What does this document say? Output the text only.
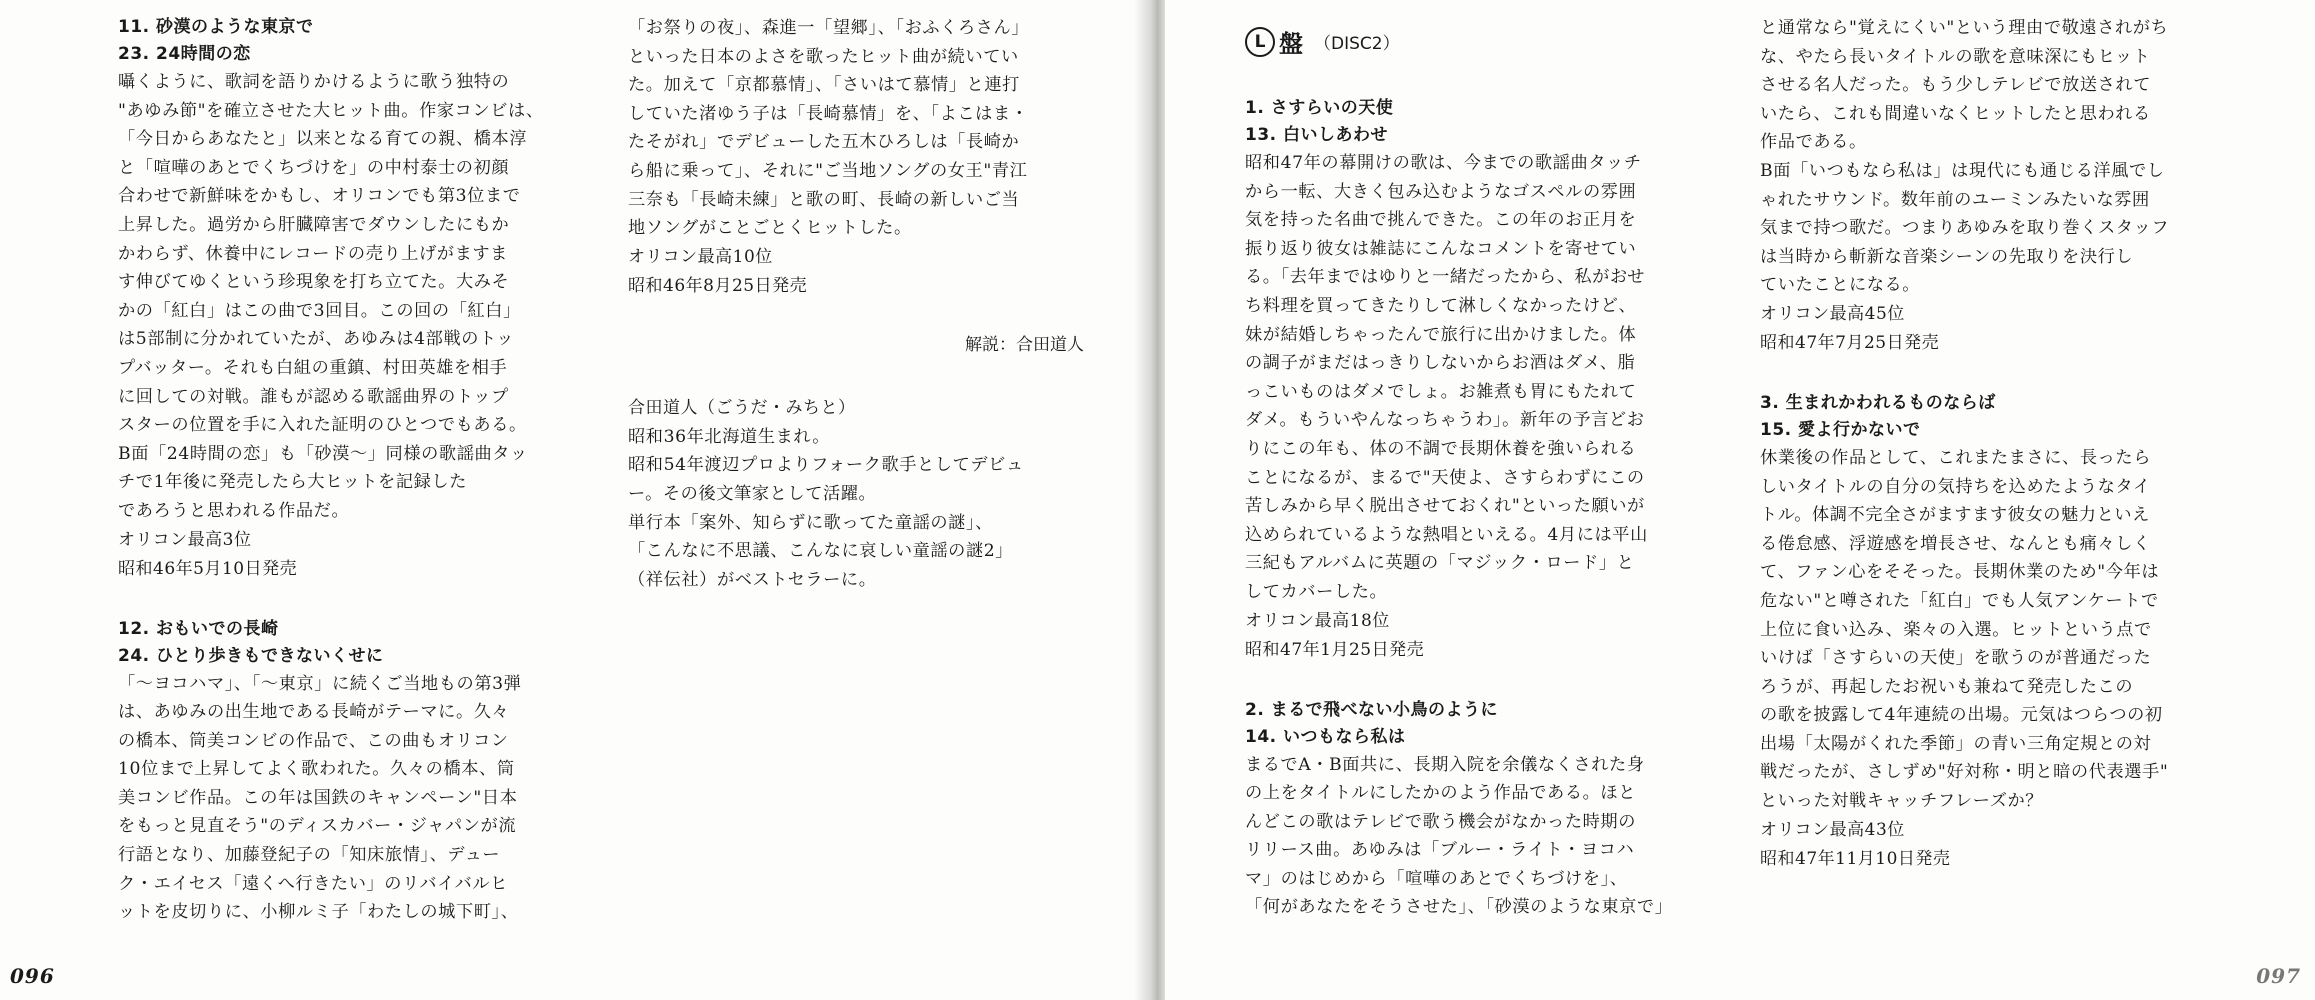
11. 砂漠のような東京で
23. 24時間の恋

囁くように、歌詞を語りかけるように歌う独特の
"あゆみ節"を確立させた大ヒット曲。作家コンビは、
「今日からあなたと」以来となる育ての親、橋本淳
と「喧嘩のあとでくちづけを」の中村泰士の初顔
合わせで新鮮味をかもし、オリコンでも第3位まで
上昇した。過労から肝臓障害でダウンしたにもか
かわらず、休養中にレコードの売り上げがますま
す伸びてゆくという珍現象を打ち立てた。大みそ
かの「紅白」はこの曲で3回目。この回の「紅白」
は5部制に分かれていたが、あゆみは4部戦のトッ
プバッター。それも白組の重鎮、村田英雄を相手
に回しての対戦。誰もが認める歌謡曲界のトップ
スターの位置を手に入れた証明のひとつでもある。
B面「24時間の恋」も「砂漠～」同様の歌謡曲タッ
チで1年後に発売したら大ヒットを記録した
であろうと思われる作品だ。

オリコン最高3位
昭和46年5月10日発売
12. おもいでの長崎
24. ひとり歩きもできないくせに

「～ヨコハマ」、「～東京」に続くご当地もの第3弾
は、あゆみの出生地である長崎がテーマに。久々
の橋本、筒美コンビの作品で、この曲もオリコン
10位まで上昇してよく歌われた。久々の橋本、筒
美コンビ作品。この年は国鉄のキャンペーン"日本
をもっと見直そう"のディスカバー・ジャパンが流
行語となり、加藤登紀子の「知床旅情」、デュー
ク・エイセス「遠くへ行きたい」のリバイバルヒ
ットを皮切りに、小柳ルミ子「わたしの城下町」、

「お祭りの夜」、森進一「望郷」、「おふくろさん」
といった日本のよさを歌ったヒット曲が続いてい
た。加えて「京都慕情」、「さいはて慕情」と連打
していた渚ゆう子は「長崎慕情」を、「よこはま・
たそがれ」でデビューした五木ひろしは「長崎か
ら船に乗って」、それに"ご当地ソングの女王"青江
三奈も「長崎未練」と歌の町、長崎の新しいご当
地ソングがことごとくヒットした。

オリコン最高10位
昭和46年8月25日発売
解説：合田道人
合田道人（ごうだ・みちと）

昭和36年北海道生まれ。
昭和54年渡辺プロよりフォーク歌手としてデビュ
ー。その後文筆家として活躍。
単行本「案外、知らずに歌ってた童謡の謎」、
「こんなに不思議、こんなに哀しい童謡の謎2」
（祥伝社）がベストセラーに。

096
L 盤 （DISC2）
1. さすらいの天使
13. 白いしあわせ

昭和47年の幕開けの歌は、今までの歌謡曲タッチ
から一転、大きく包み込むようなゴスペルの雰囲
気を持った名曲で挑んできた。この年のお正月を
振り返り彼女は雑誌にこんなコメントを寄せてい
る。「去年まではゆりと一緒だったから、私がおせ
ち料理を買ってきたりして淋しくなかったけど、
妹が結婚しちゃったんで旅行に出かけました。体
の調子がまだはっきりしないからお酒はダメ、脂
っこいものはダメでしょ。お雑煮も胃にもたれて
ダメ。もういやんなっちゃうわ」。新年の予言どお
りにこの年も、体の不調で長期休養を強いられる
ことになるが、まるで"天使よ、さすらわずにこの
苦しみから早く脱出させておくれ"といった願いが
込められているような熱唱といえる。4月には平山
三紀もアルバムに英題の「マジック・ロード」と
してカバーした。

オリコン最高18位
昭和47年1月25日発売
2. まるで飛べない小鳥のように
14. いつもなら私は

まるでA・B面共に、長期入院を余儀なくされた身
の上をタイトルにしたかのよう作品である。ほと
んどこの歌はテレビで歌う機会がなかった時期の
リリース曲。あゆみは「ブルー・ライト・ヨコハ
マ」のはじめから「喧嘩のあとでくちづけを」、
「何があなたをそうさせた」、「砂漠のような東京で」

と通常なら"覚えにくい"という理由で敬遠されがち
な、やたら長いタイトルの歌を意味深にもヒット
させる名人だった。もう少しテレビで放送されて
いたら、これも間違いなくヒットしたと思われる
作品である。
B面「いつもなら私は」は現代にも通じる洋風でし
ゃれたサウンド。数年前のユーミンみたいな雰囲
気まで持つ歌だ。つまりあゆみを取り巻くスタッフ
は当時から斬新な音楽シーンの先取りを決行し
ていたことになる。

オリコン最高45位
昭和47年7月25日発売
3. 生まれかわれるものならば
15. 愛よ行かないで

休業後の作品として、これまたまさに、長ったら
しいタイトルの自分の気持ちを込めたようなタイ
トル。体調不完全さがますます彼女の魅力といえ
る倦怠感、浮遊感を増長させ、なんとも痛々しく
て、ファン心をそそった。長期休業のため"今年は
危ない"と噂された「紅白」でも人気アンケートで
上位に食い込み、楽々の入選。ヒットという点で
いけば「さすらいの天使」を歌うのが普通だった
ろうが、再起したお祝いも兼ねて発売したこの
の歌を披露して4年連続の出場。元気はつらつの初
出場「太陽がくれた季節」の青い三角定規との対
戦だったが、さしずめ"好対称・明と暗の代表選手"
といった対戦キャッチフレーズか？

オリコン最高43位
昭和47年11月10日発売
097
